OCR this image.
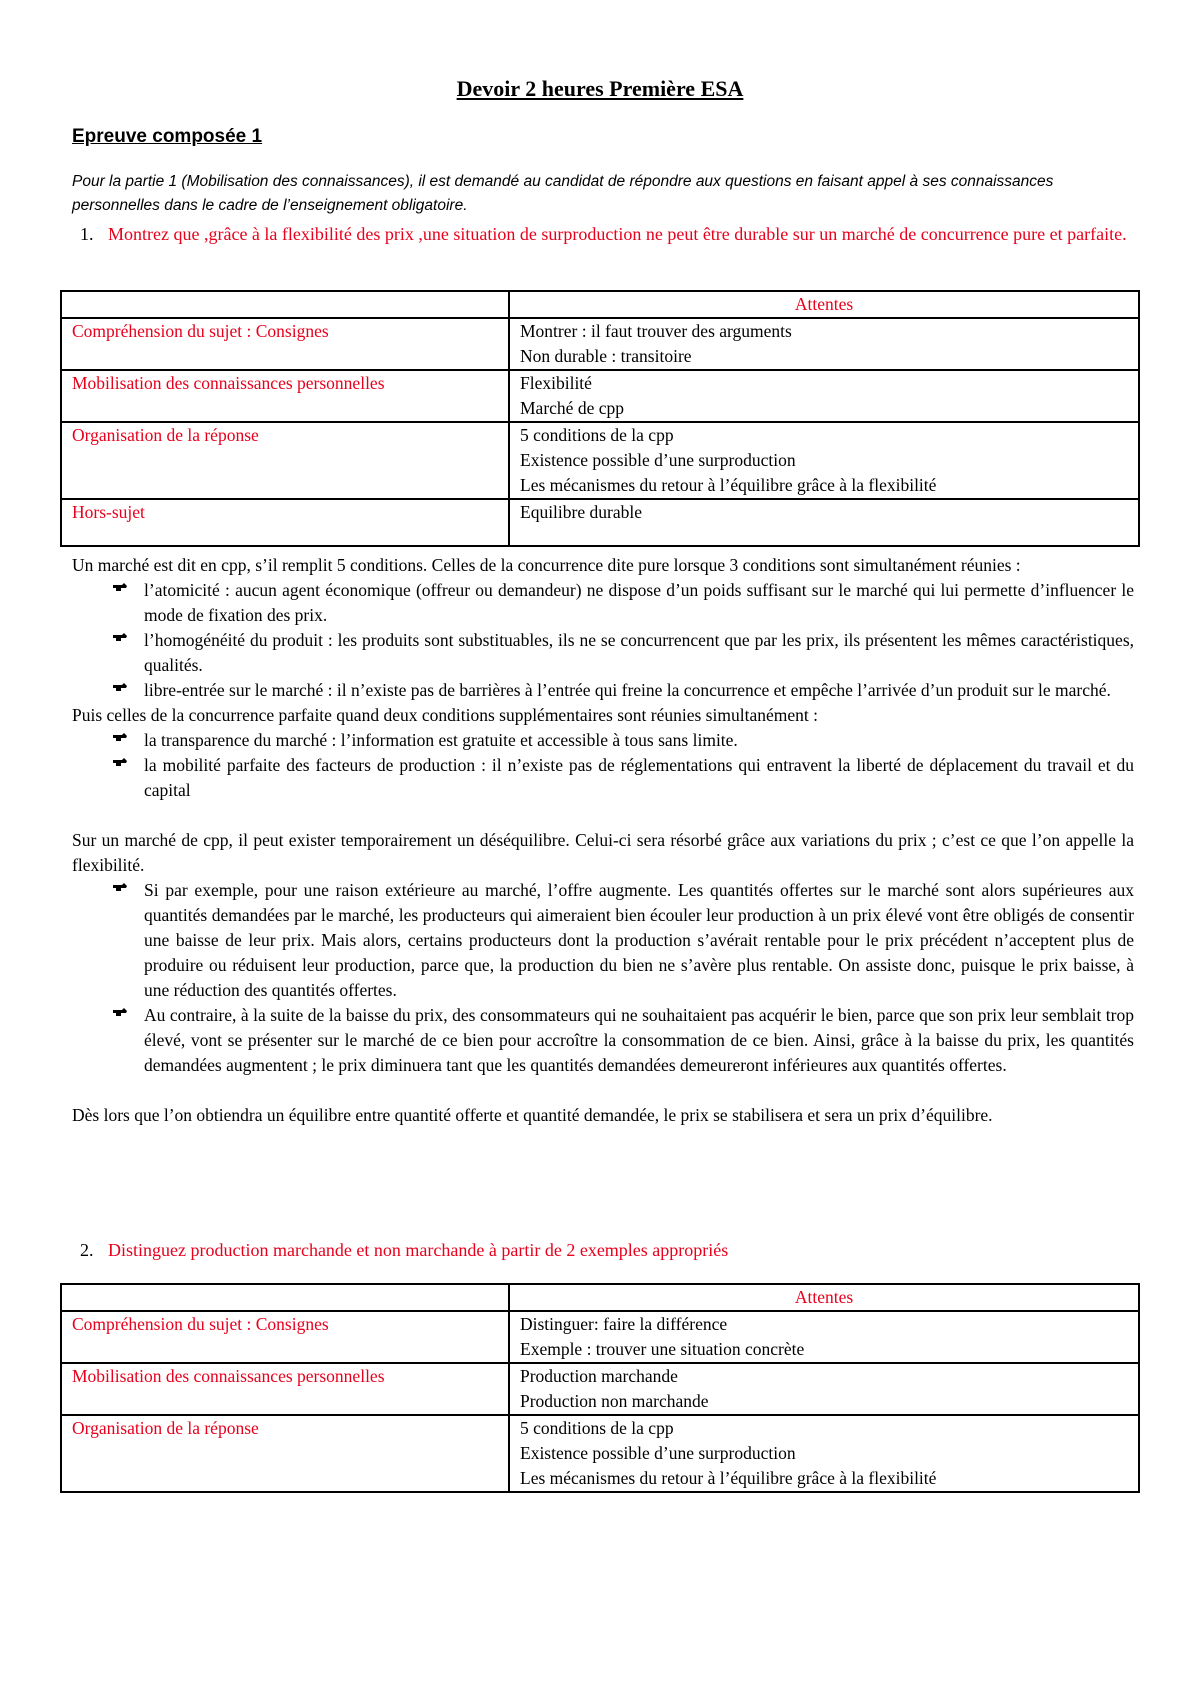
Devoir 2 heures Première ESA
Epreuve composée 1
Pour la partie 1 (Mobilisation des connaissances), il est demandé au candidat de répondre aux questions en faisant appel à ses connaissances personnelles dans le cadre de l’enseignement obligatoire.
1. Montrez que ,grâce à la flexibilité des prix ,une situation de surproduction ne peut être durable sur un marché de concurrence pure et parfaite.
	Attentes
Compréhension du sujet : Consignes	Montrer : il faut trouver des arguments
Non durable : transitoire

Mobilisation des connaissances personnelles	Flexibilité
Marché de cpp

Organisation de la réponse	5 conditions de la cpp
Existence possible d’une surproduction
Les mécanismes du retour à l’équilibre grâce à la flexibilité

Hors-sujet	Equilibre durable

Un marché est dit en cpp, s’il remplit 5 conditions. Celles de la concurrence dite pure lorsque 3 conditions sont simultanément réunies :

l’atomicité : aucun agent économique (offreur ou demandeur) ne dispose d’un poids suffisant sur le marché qui lui permette d’influencer le mode de fixation des prix.
l’homogénéité du produit : les produits sont substituables, ils ne se concurrencent que par les prix, ils présentent les mêmes caractéristiques, qualités.
libre-entrée sur le marché : il n’existe pas de barrières à l’entrée qui freine la concurrence et empêche l’arrivée d’un produit sur le marché.

Puis celles de la concurrence parfaite quand deux conditions supplémentaires sont réunies simultanément :

la transparence du marché : l’information est gratuite et accessible à tous sans limite.
la mobilité parfaite des facteurs de production : il n’existe pas de réglementations qui entravent la liberté de déplacement du travail et du capital

Sur un marché de cpp, il peut exister temporairement un déséquilibre. Celui-ci sera résorbé grâce aux variations du prix ; c’est ce que l’on appelle la flexibilité.

Si par exemple, pour une raison extérieure au marché, l’offre augmente. Les quantités offertes sur le marché sont alors supérieures aux quantités demandées par le marché, les producteurs qui aimeraient bien écouler leur production à un prix élevé vont être obligés de consentir une baisse de leur prix. Mais alors, certains producteurs dont la production s’avérait rentable pour le prix précédent n’acceptent plus de produire ou réduisent leur production, parce que, la production du bien ne s’avère plus rentable. On assiste donc, puisque le prix baisse, à une réduction des quantités offertes.
Au contraire, à la suite de la baisse du prix, des consommateurs qui ne souhaitaient pas acquérir le bien, parce que son prix leur semblait trop élevé, vont se présenter sur le marché de ce bien pour accroître la consommation de ce bien. Ainsi, grâce à la baisse du prix, les quantités demandées augmentent ; le prix diminuera tant que les quantités demandées demeureront inférieures aux quantités offertes.

Dès lors que l’on obtiendra un équilibre entre quantité offerte et quantité demandée, le prix se stabilisera et sera un prix d’équilibre.

2. Distinguez production marchande et non marchande à partir de 2 exemples appropriés
	Attentes
Compréhension du sujet : Consignes	Distinguer: faire la différence
Exemple : trouver une situation concrète

Mobilisation des connaissances personnelles	Production marchande
Production non marchande

Organisation de la réponse	5 conditions de la cpp
Existence possible d’une surproduction
Les mécanismes du retour à l’équilibre grâce à la flexibilité
